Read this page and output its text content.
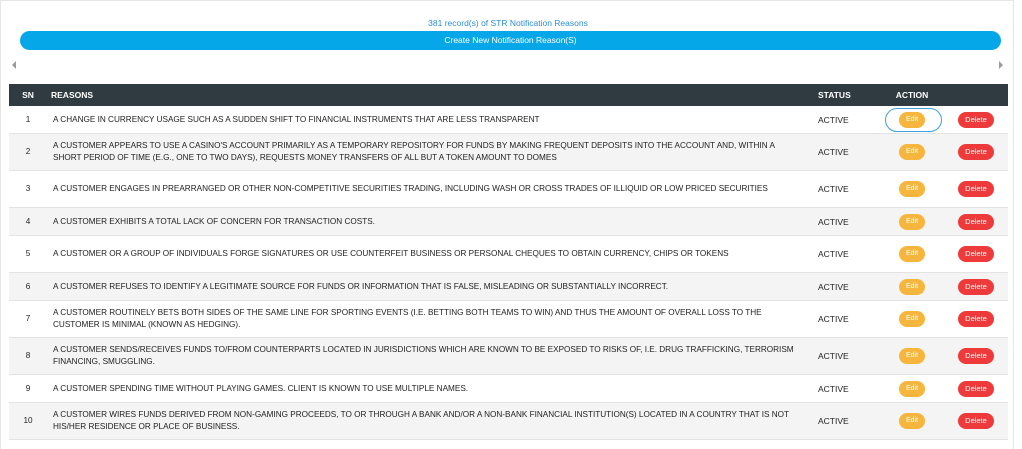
381 record(s) of STR Notification Reasons
Create New Notification Reason(S)
SN	REASONS	STATUS	ACTION	
1	A CHANGE IN CURRENCY USAGE SUCH AS A SUDDEN SHIFT TO FINANCIAL INSTRUMENTS THAT ARE LESS TRANSPARENT	ACTIVE	Edit	Delete
2	A CUSTOMER APPEARS TO USE A CASINO'S ACCOUNT PRIMARILY AS A TEMPORARY REPOSITORY FOR FUNDS BY MAKING FREQUENT DEPOSITS INTO THE ACCOUNT AND, WITHIN A SHORT PERIOD OF TIME (E.G., ONE TO TWO DAYS), REQUESTS MONEY TRANSFERS OF ALL BUT A TOKEN AMOUNT TO DOMES	ACTIVE	Edit	Delete
3	A CUSTOMER ENGAGES IN PREARRANGED OR OTHER NON-COMPETITIVE SECURITIES TRADING, INCLUDING WASH OR CROSS TRADES OF ILLIQUID OR LOW PRICED SECURITIES	ACTIVE	Edit	Delete
4	A CUSTOMER EXHIBITS A TOTAL LACK OF CONCERN FOR TRANSACTION COSTS.	ACTIVE	Edit	Delete
5	A CUSTOMER OR A GROUP OF INDIVIDUALS FORGE SIGNATURES OR USE COUNTERFEIT BUSINESS OR PERSONAL CHEQUES TO OBTAIN CURRENCY, CHIPS OR TOKENS	ACTIVE	Edit	Delete
6	A CUSTOMER REFUSES TO IDENTIFY A LEGITIMATE SOURCE FOR FUNDS OR INFORMATION THAT IS FALSE, MISLEADING OR SUBSTANTIALLY INCORRECT.	ACTIVE	Edit	Delete
7	A CUSTOMER ROUTINELY BETS BOTH SIDES OF THE SAME LINE FOR SPORTING EVENTS (I.E. BETTING BOTH TEAMS TO WIN) AND THUS THE AMOUNT OF OVERALL LOSS TO THE CUSTOMER IS MINIMAL (KNOWN AS HEDGING).	ACTIVE	Edit	Delete
8	A CUSTOMER SENDS/RECEIVES FUNDS TO/FROM COUNTERPARTS LOCATED IN JURISDICTIONS WHICH ARE KNOWN TO BE EXPOSED TO RISKS OF, I.E. DRUG TRAFFICKING, TERRORISM FINANCING, SMUGGLING.	ACTIVE	Edit	Delete
9	A CUSTOMER SPENDING TIME WITHOUT PLAYING GAMES. CLIENT IS KNOWN TO USE MULTIPLE NAMES.	ACTIVE	Edit	Delete
10	A CUSTOMER WIRES FUNDS DERIVED FROM NON-GAMING PROCEEDS, TO OR THROUGH A BANK AND/OR A NON-BANK FINANCIAL INSTITUTION(S) LOCATED IN A COUNTRY THAT IS NOT HIS/HER RESIDENCE OR PLACE OF BUSINESS.	ACTIVE	Edit	Delete
